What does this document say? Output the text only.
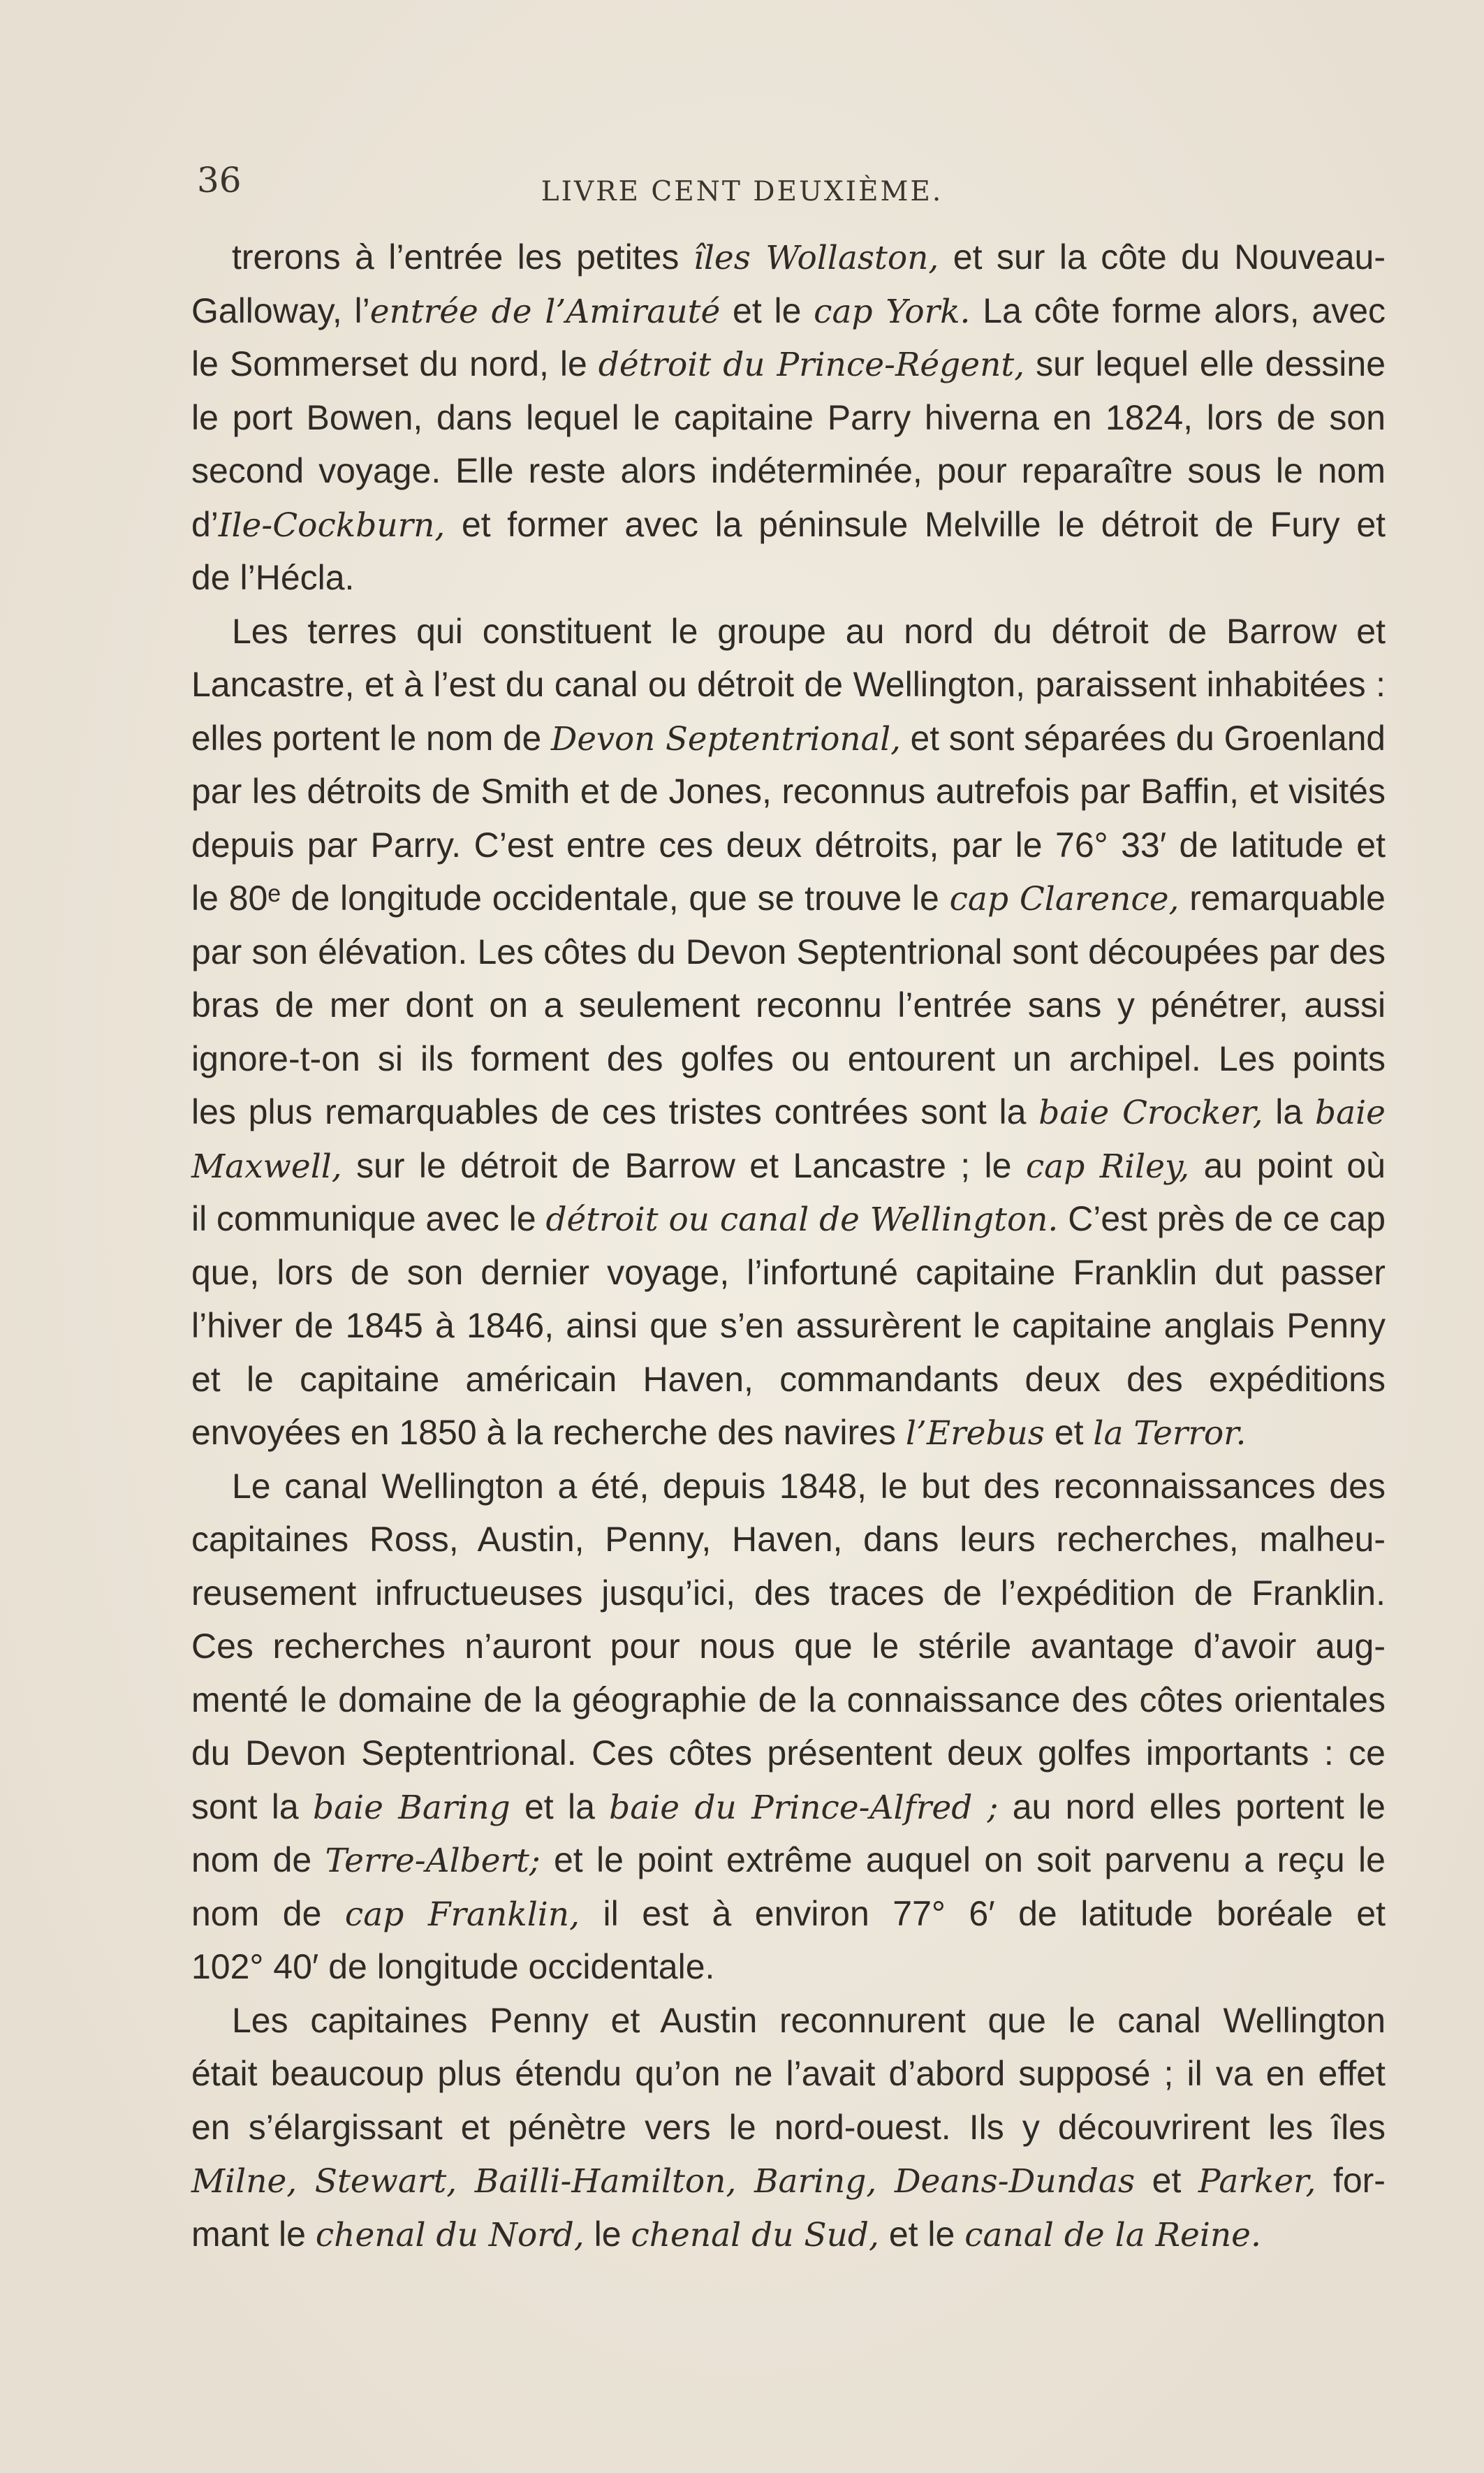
36	LIVRE CENT DEUXIÈME.

trerons à l’entrée les petites îles Wollaston, et sur la côte du Nouveau-
Galloway, l’entrée de l’Amirauté et le cap York. La côte forme alors, avec
le Sommerset du nord, le détroit du Prince-Régent, sur lequel elle dessine
le port Bowen, dans lequel le capitaine Parry hiverna en 1824, lors de son
second voyage. Elle reste alors indéterminée, pour reparaître sous le nom
d’Ile-Cockburn, et former avec la péninsule Melville le détroit de Fury et
de l’Hécla.

Les terres qui constituent le groupe au nord du détroit de Barrow et
Lancastre, et à l’est du canal ou détroit de Wellington, paraissent inhabitées :
elles portent le nom de Devon Septentrional, et sont séparées du Groenland
par les détroits de Smith et de Jones, reconnus autrefois par Baffin, et visités
depuis par Parry. C’est entre ces deux détroits, par le 76° 33′ de latitude et
le 80ᵉ de longitude occidentale, que se trouve le cap Clarence, remarquable
par son élévation. Les côtes du Devon Septentrional sont découpées par des
bras de mer dont on a seulement reconnu l’entrée sans y pénétrer, aussi
ignore-t-on si ils forment des golfes ou entourent un archipel. Les points
les plus remarquables de ces tristes contrées sont la baie Crocker, la baie
Maxwell, sur le détroit de Barrow et Lancastre ; le cap Riley, au point où
il communique avec le détroit ou canal de Wellington. C’est près de ce cap
que, lors de son dernier voyage, l’infortuné capitaine Franklin dut passer
l’hiver de 1845 à 1846, ainsi que s’en assurèrent le capitaine anglais Penny
et le capitaine américain Haven, commandants deux des expéditions
envoyées en 1850 à la recherche des navires l’Erebus et la Terror.

Le canal Wellington a été, depuis 1848, le but des reconnaissances des
capitaines Ross, Austin, Penny, Haven, dans leurs recherches, malheu-
reusement infructueuses jusqu’ici, des traces de l’expédition de Franklin.
Ces recherches n’auront pour nous que le stérile avantage d’avoir aug-
menté le domaine de la géographie de la connaissance des côtes orientales
du Devon Septentrional. Ces côtes présentent deux golfes importants : ce
sont la baie Baring et la baie du Prince-Alfred ; au nord elles portent le
nom de Terre-Albert; et le point extrême auquel on soit parvenu a reçu le
nom de cap Franklin, il est à environ 77° 6′ de latitude boréale et
102° 40′ de longitude occidentale.

Les capitaines Penny et Austin reconnurent que le canal Wellington
était beaucoup plus étendu qu’on ne l’avait d’abord supposé ; il va en effet
en s’élargissant et pénètre vers le nord-ouest. Ils y découvrirent les îles
Milne, Stewart, Bailli-Hamilton, Baring, Deans-Dundas et Parker, for-
mant le chenal du Nord, le chenal du Sud, et le canal de la Reine.
